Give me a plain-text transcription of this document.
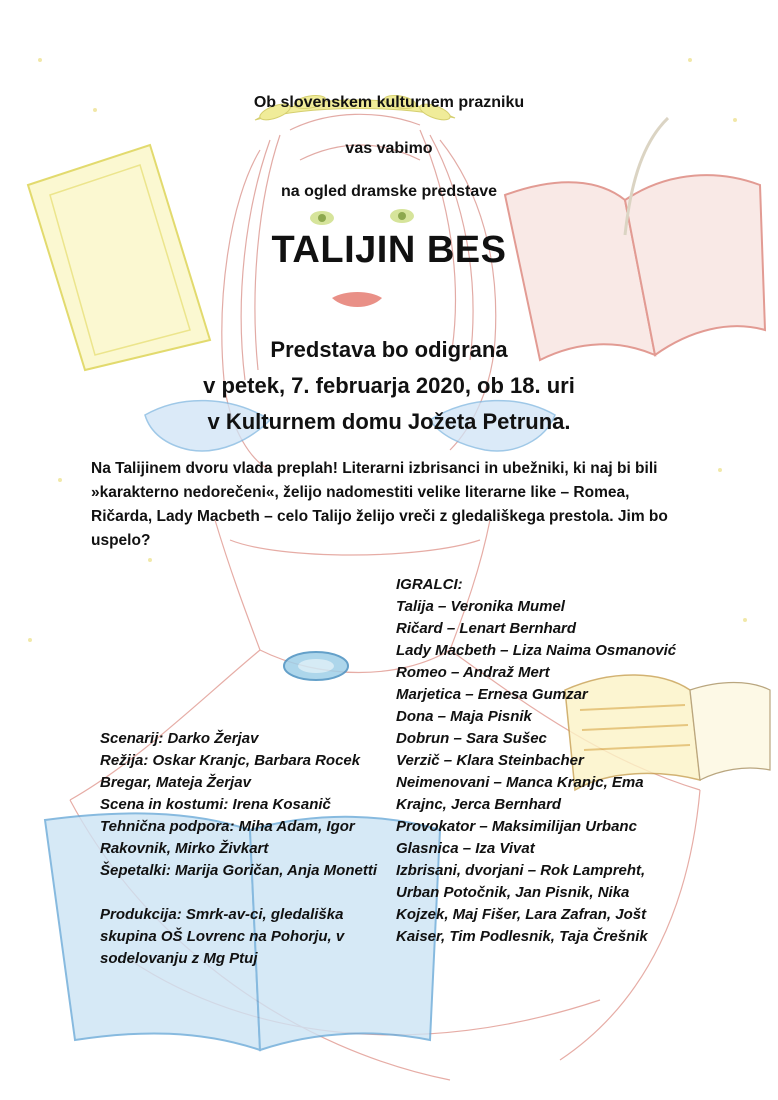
Ob slovenskem kulturnem prazniku
vas vabimo
na ogled dramske predstave
TALIJIN BES
Predstava bo odigrana
v petek, 7. februarja 2020, ob 18. uri
v Kulturnem domu Jožeta Petruna.
Na Talijinem dvoru vlada preplah! Literarni izbrisanci in ubežniki, ki naj bi bili »karakterno nedorečeni«, želijo nadomestiti velike literarne like – Romea, Ričarda, Lady Macbeth – celo Talijo želijo vreči z gledališkega prestola. Jim bo uspelo?
Scenarij: Darko Žerjav
Režija: Oskar Kranjc, Barbara Rocek Bregar, Mateja Žerjav
Scena in kostumi: Irena Kosanič
Tehnična podpora: Miha Adam, Igor Rakovnik, Mirko Živkart
Šepetalki: Marija Goričan, Anja Monetti
Produkcija: Smrk-av-ci, gledališka skupina OŠ Lovrenc na Pohorju, v sodelovanju z Mg Ptuj
IGRALCI:
Talija – Veronika Mumel
Ričard – Lenart Bernhard
Lady Macbeth – Liza Naima Osmanović
Romeo – Andraž Mert
Marjetica – Ernesa Gumzar
Dona – Maja Pisnik
Dobrun – Sara Sušec
Verzič – Klara Steinbacher
Neimenovani – Manca Kranjc, Ema Krajnc, Jerca Bernhard
Provokator – Maksimilijan Urbanc
Glasnica – Iza Vivat
Izbrisani, dvorjani – Rok Lampreht, Urban Potočnik, Jan Pisnik, Nika Kojzek, Maj Fišer, Lara Zafran, Jošt Kaiser, Tim Podlesnik, Taja Črešnik
